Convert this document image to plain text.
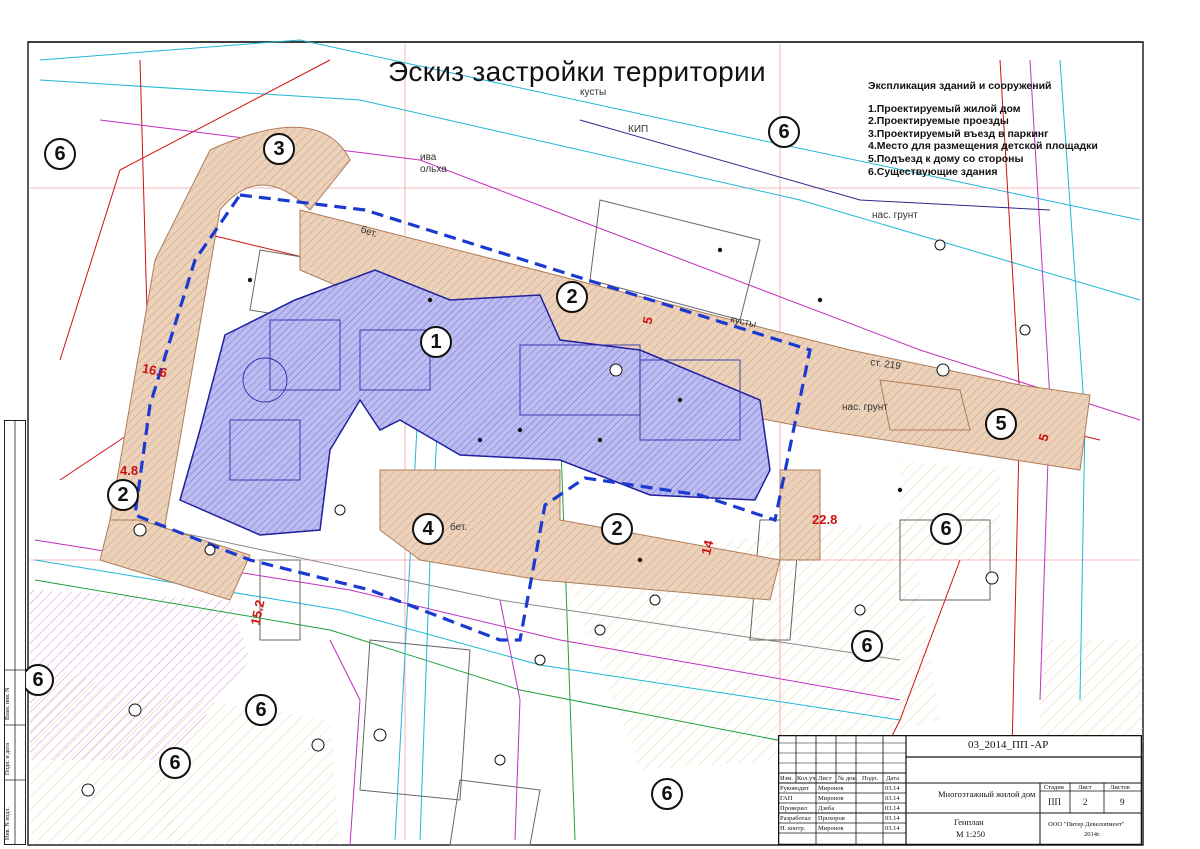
бет.
бет.
кусты
кусты
ива
ольха
ст. 219
нас. грунт
нас. грунт
КИП
Эскиз застройки территории	Экспликация зданий и сооружений
1.Проектируемый жилой дом
2.Проектируемые проезды
3.Проектируемый въезд в паркинг
4.Место для размещения детской площадки
5.Подъезд к дому со стороны
6.Существующие здания
1
2
2
2
3
4
5
6
6
6
6
6
6
6
6
16.6
4.8
15.2
22.8
14
5
5
Инв. N подл.
Подп. и дата
Взам. инв. N
03_2014_ПП -АР
Изм. Кол.уч. Лист № док. Подп. Дата
Руководит Миронов	03.14
ГАП	Миронов	03.14
Проверил Дзеба	03.14
Разработал Прохоров	03.14
Н. контр. Миронов	03.14
Многоэтажный жилой дом
Генплан
М 1:250
Стадия Лист	Листов
ПП 2	9
ООО "Питер Девелопмент"
2014г.
